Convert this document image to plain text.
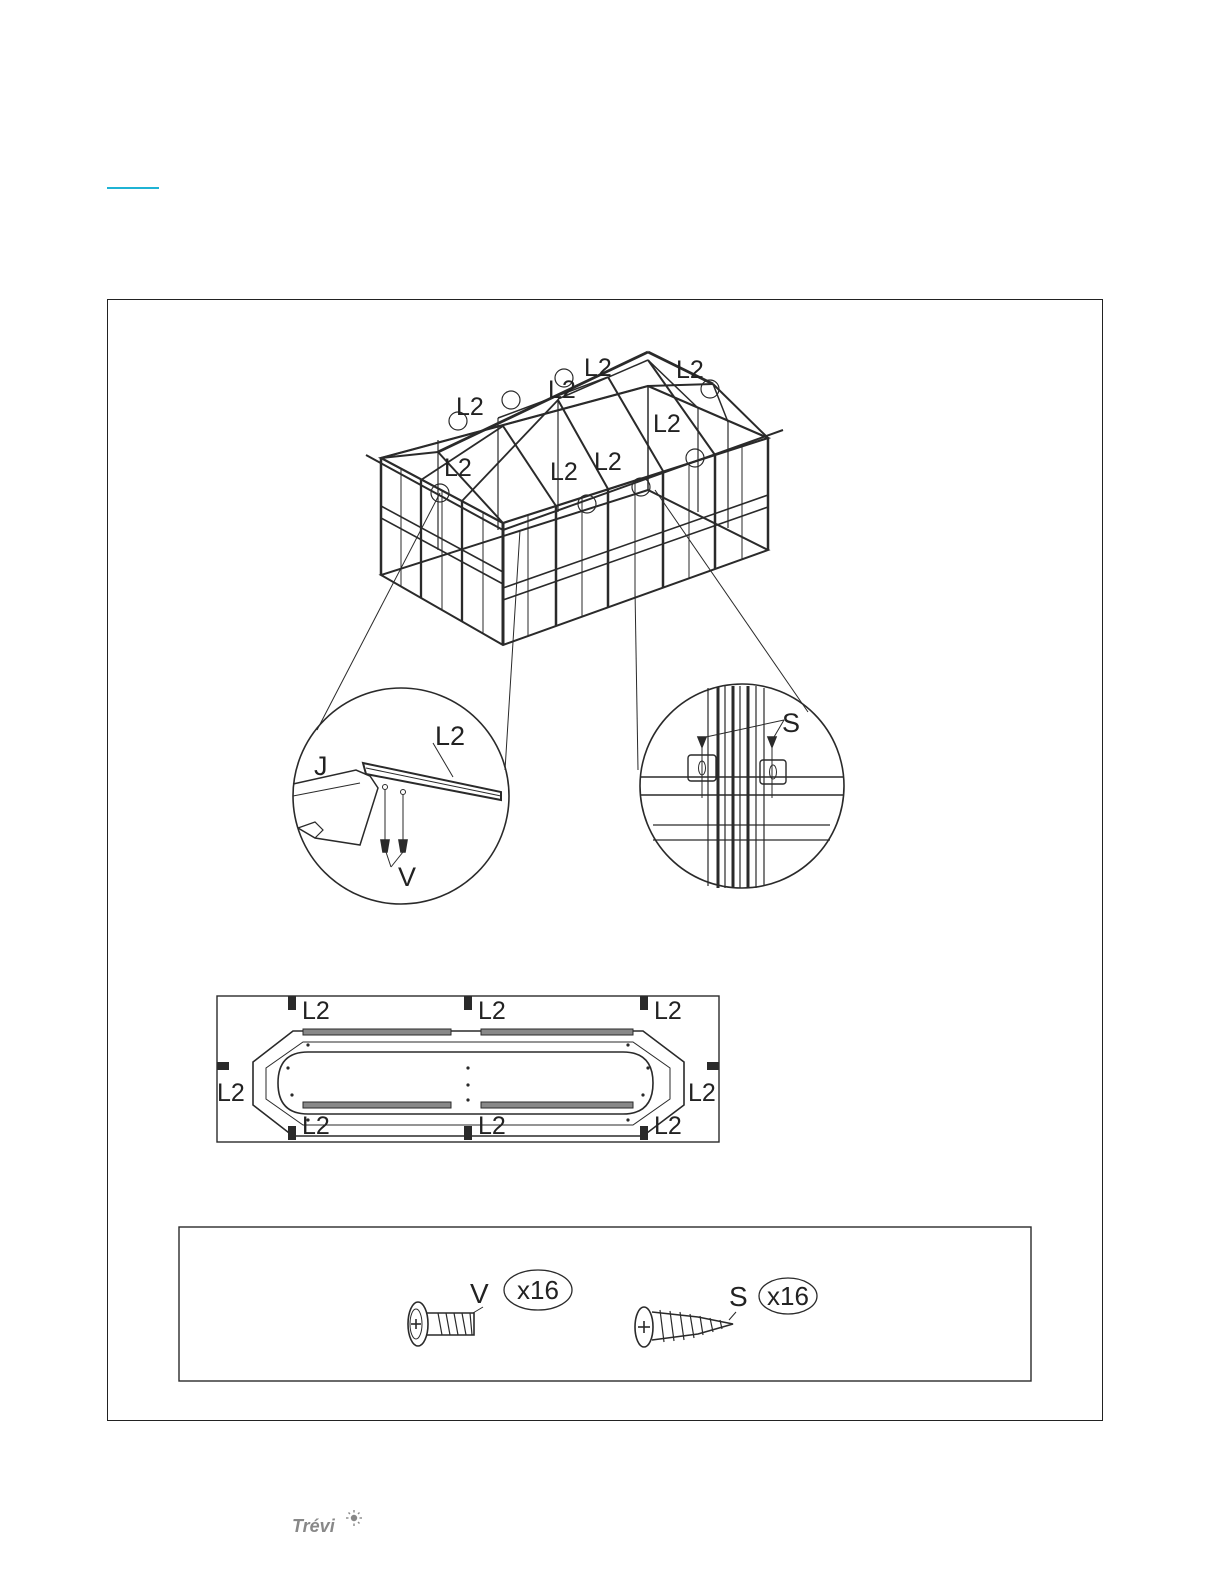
L2
L2
L2
L2	L2
L2
L2
L2
L2
J
V
S
L2	L2	L2
L2	L2	L2
L2	L2
V x16	S x16
Trévi
